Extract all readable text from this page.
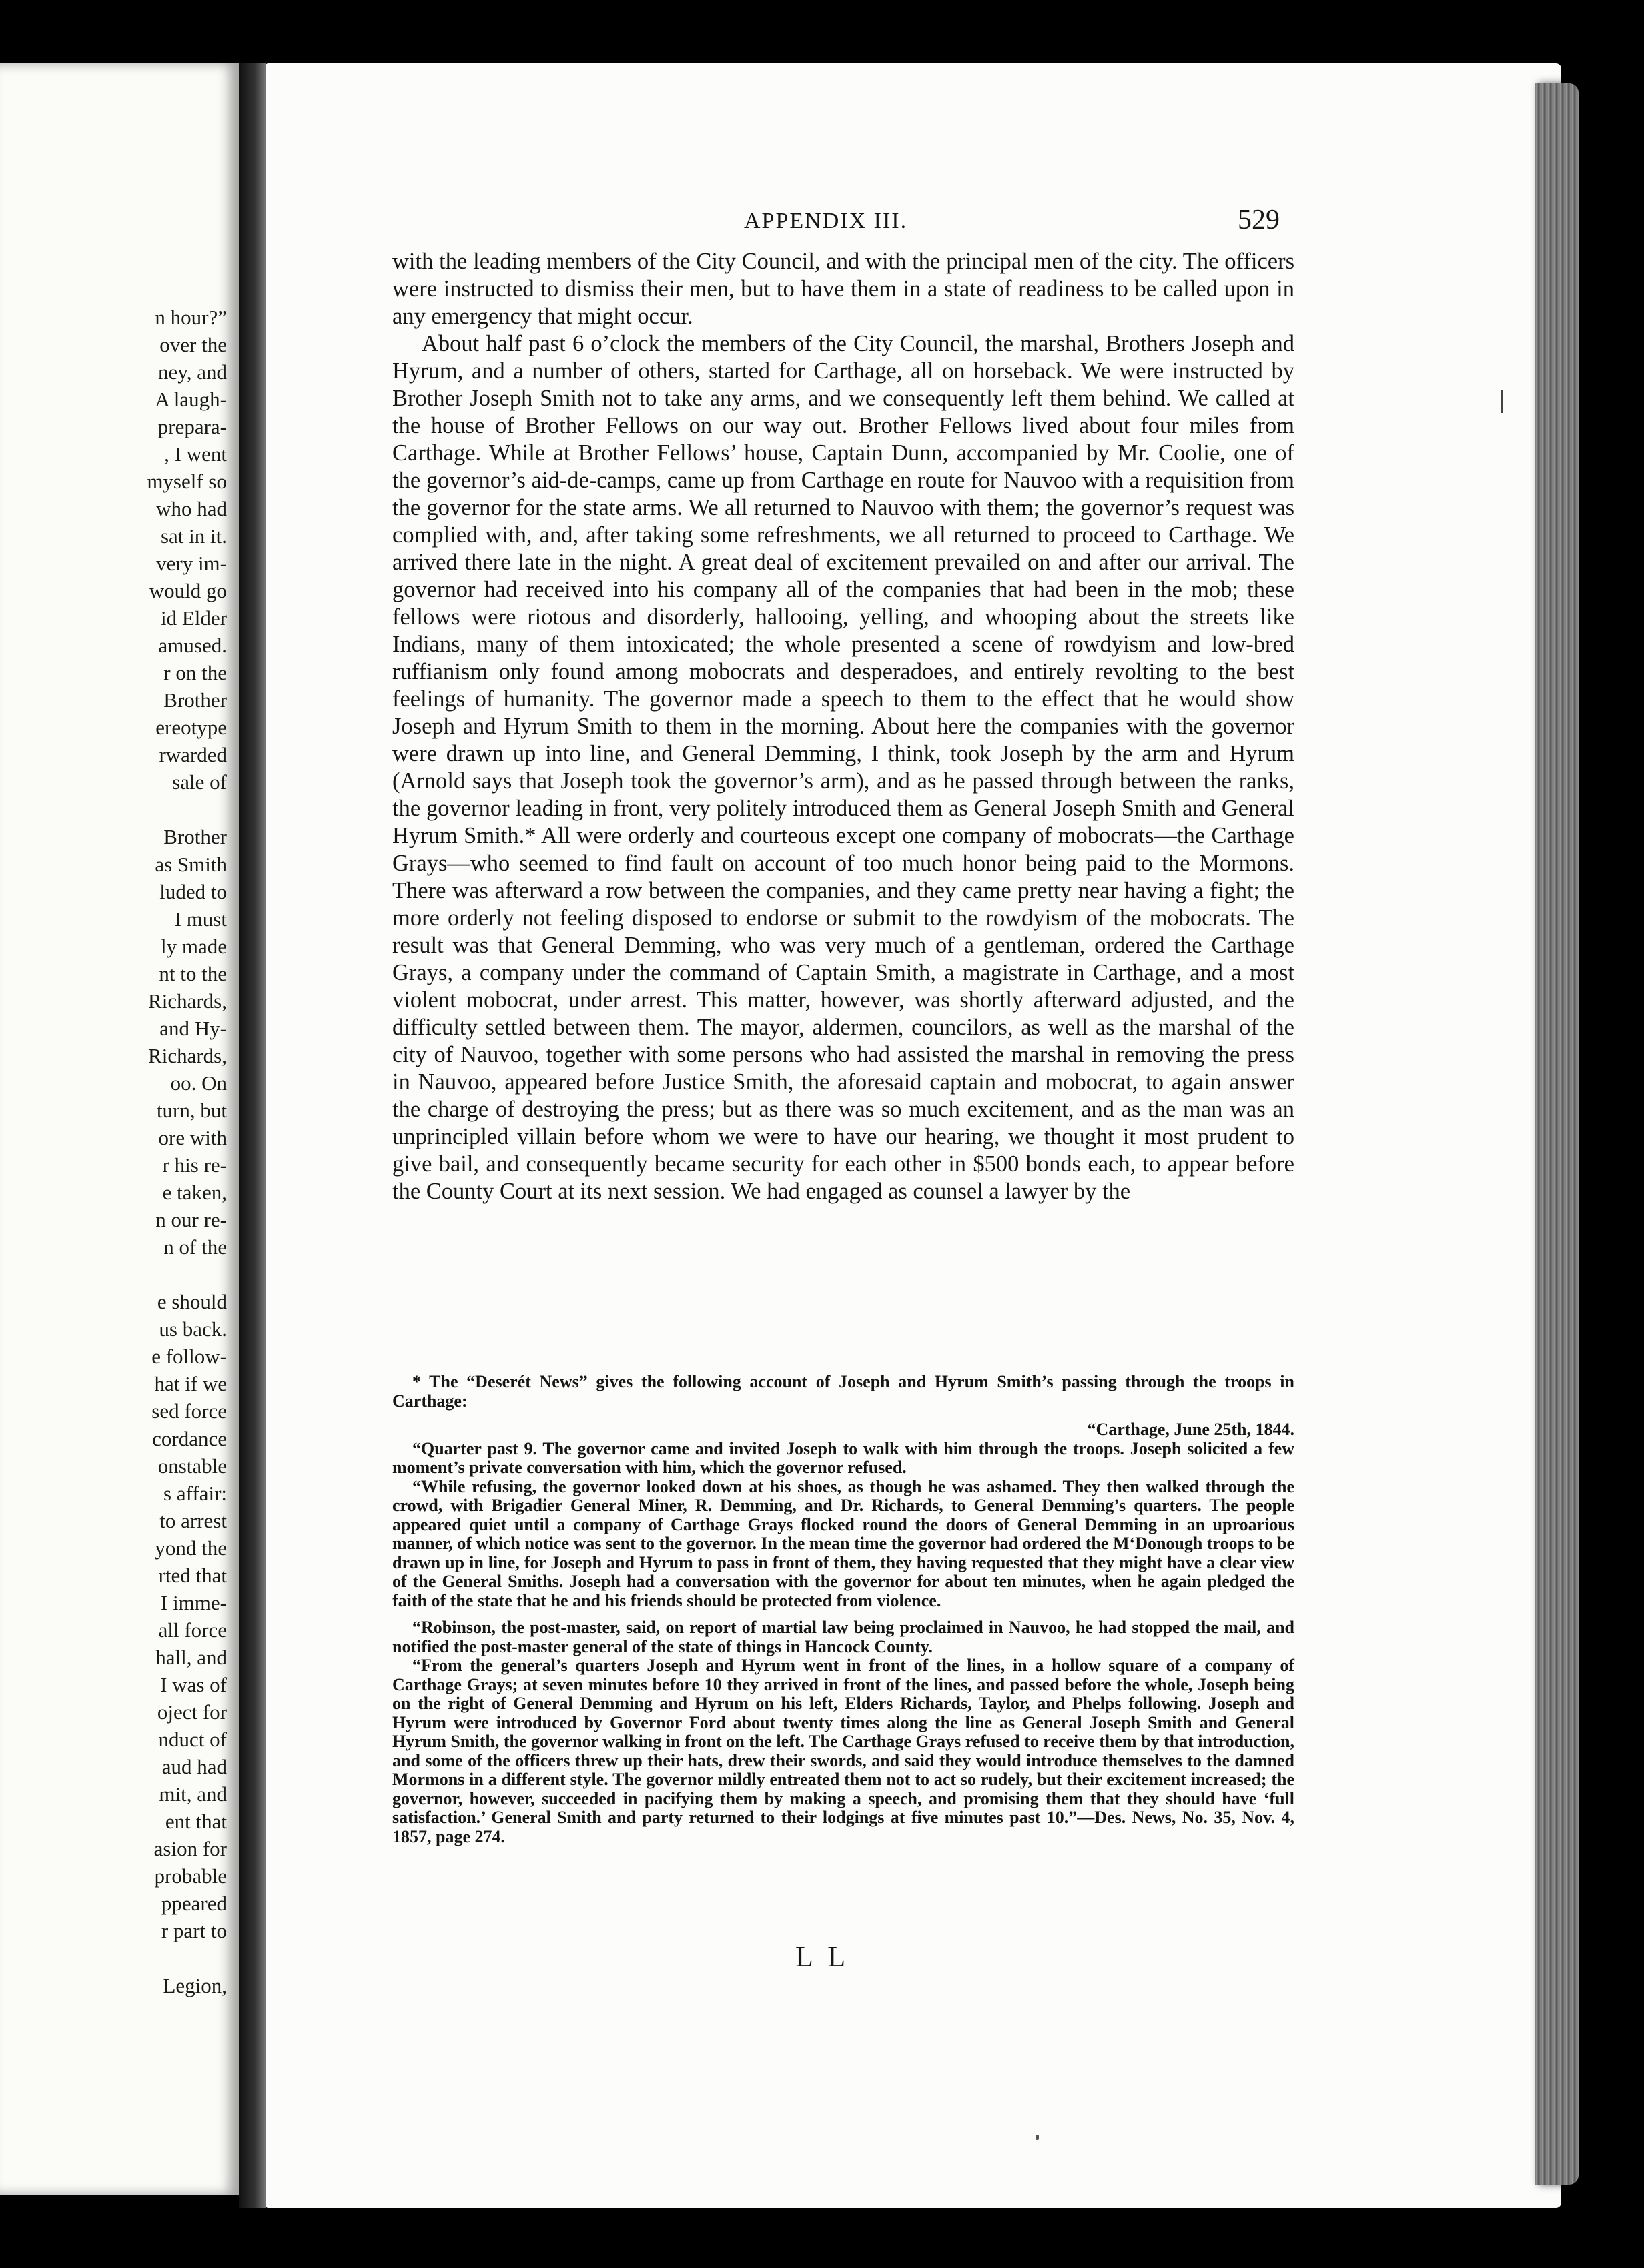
n hour?”
over the
ney, and
A laugh-
prepara-
, I went
myself so
who had
sat in it.
very im-
would go
id Elder
amused.
r on the
Brother
ereotype
rwarded
sale of
Brother
as Smith
luded to
I must
ly made
nt to the
Richards,
and Hy-
Richards,
oo. On
turn, but
ore with
r his re-
e taken,
n our re-
n of the
e should
us back.
e follow-
hat if we
sed force
cordance
onstable
s affair:
to arrest
yond the
rted that
I imme-
all force
hall, and
I was of
oject for
nduct of
aud had
mit, and
ent that
asion for
probable
ppeared
r part to
Legion,
APPENDIX III.	529

with the leading members of the City Council, and with the principal men of the city. The officers were instructed to dismiss their men, but to have them in a state of readiness to be called upon in any emergency that might occur.

About half past 6 o’clock the members of the City Council, the marshal, Brothers Joseph and Hyrum, and a number of others, started for Carthage, all on horseback. We were instructed by Brother Joseph Smith not to take any arms, and we consequently left them behind. We called at the house of Brother Fellows on our way out. Brother Fellows lived about four miles from Carthage. While at Brother Fellows’ house, Captain Dunn, accompanied by Mr. Coolie, one of the governor’s aid-de-camps, came up from Carthage en route for Nauvoo with a requisition from the governor for the state arms. We all returned to Nauvoo with them; the governor’s request was complied with, and, after taking some refreshments, we all returned to proceed to Carthage. We arrived there late in the night. A great deal of excitement prevailed on and after our arrival. The governor had received into his company all of the companies that had been in the mob; these fellows were riotous and disorderly, hallooing, yelling, and whooping about the streets like Indians, many of them intoxicated; the whole presented a scene of rowdyism and low-bred ruffianism only found among mobocrats and desperadoes, and entirely revolting to the best feelings of humanity. The governor made a speech to them to the effect that he would show Joseph and Hyrum Smith to them in the morning. About here the companies with the governor were drawn up into line, and General Demming, I think, took Joseph by the arm and Hyrum (Arnold says that Joseph took the governor’s arm), and as he passed through between the ranks, the governor leading in front, very politely introduced them as General Joseph Smith and General Hyrum Smith.* All were orderly and courteous except one company of mobocrats—the Carthage Grays—who seemed to find fault on account of too much honor being paid to the Mormons. There was afterward a row between the companies, and they came pretty near having a fight; the more orderly not feeling disposed to endorse or submit to the rowdyism of the mobocrats. The result was that General Demming, who was very much of a gentleman, ordered the Carthage Grays, a company under the command of Captain Smith, a magistrate in Carthage, and a most violent mobocrat, under arrest. This matter, however, was shortly afterward adjusted, and the difficulty settled between them. The mayor, aldermen, councilors, as well as the marshal of the city of Nauvoo, together with some persons who had assisted the marshal in removing the press in Nauvoo, appeared before Justice Smith, the aforesaid captain and mobocrat, to again answer the charge of destroying the press; but as there was so much excitement, and as the man was an unprincipled villain before whom we were to have our hearing, we thought it most prudent to give bail, and consequently became security for each other in $500 bonds each, to appear before the County Court at its next session. We had engaged as counsel a lawyer by the

* The “Deserét News” gives the following account of Joseph and Hyrum Smith’s passing through the troops in Carthage:

“Carthage, June 25th, 1844.

“Quarter past 9. The governor came and invited Joseph to walk with him through the troops. Joseph solicited a few moment’s private conversation with him, which the governor refused.

“While refusing, the governor looked down at his shoes, as though he was ashamed. They then walked through the crowd, with Brigadier General Miner, R. Demming, and Dr. Richards, to General Demming’s quarters. The people appeared quiet until a company of Carthage Grays flocked round the doors of General Demming in an uproarious manner, of which notice was sent to the governor. In the mean time the governor had ordered the M‘Donough troops to be drawn up in line, for Joseph and Hyrum to pass in front of them, they having requested that they might have a clear view of the General Smiths. Joseph had a conversation with the governor for about ten minutes, when he again pledged the faith of the state that he and his friends should be protected from violence.

“Robinson, the post-master, said, on report of martial law being proclaimed in Nauvoo, he had stopped the mail, and notified the post-master general of the state of things in Hancock County.

“From the general’s quarters Joseph and Hyrum went in front of the lines, in a hollow square of a company of Carthage Grays; at seven minutes before 10 they arrived in front of the lines, and passed before the whole, Joseph being on the right of General Demming and Hyrum on his left, Elders Richards, Taylor, and Phelps following. Joseph and Hyrum were introduced by Governor Ford about twenty times along the line as General Joseph Smith and General Hyrum Smith, the governor walking in front on the left. The Carthage Grays refused to receive them by that introduction, and some of the officers threw up their hats, drew their swords, and said they would introduce themselves to the damned Mormons in a different style. The governor mildly entreated them not to act so rudely, but their excitement increased; the governor, however, succeeded in pacifying them by making a speech, and promising them that they should have ‘full satisfaction.’ General Smith and party returned to their lodgings at five minutes past 10.”—Des. News, No. 35, Nov. 4, 1857, page 274.

L L
